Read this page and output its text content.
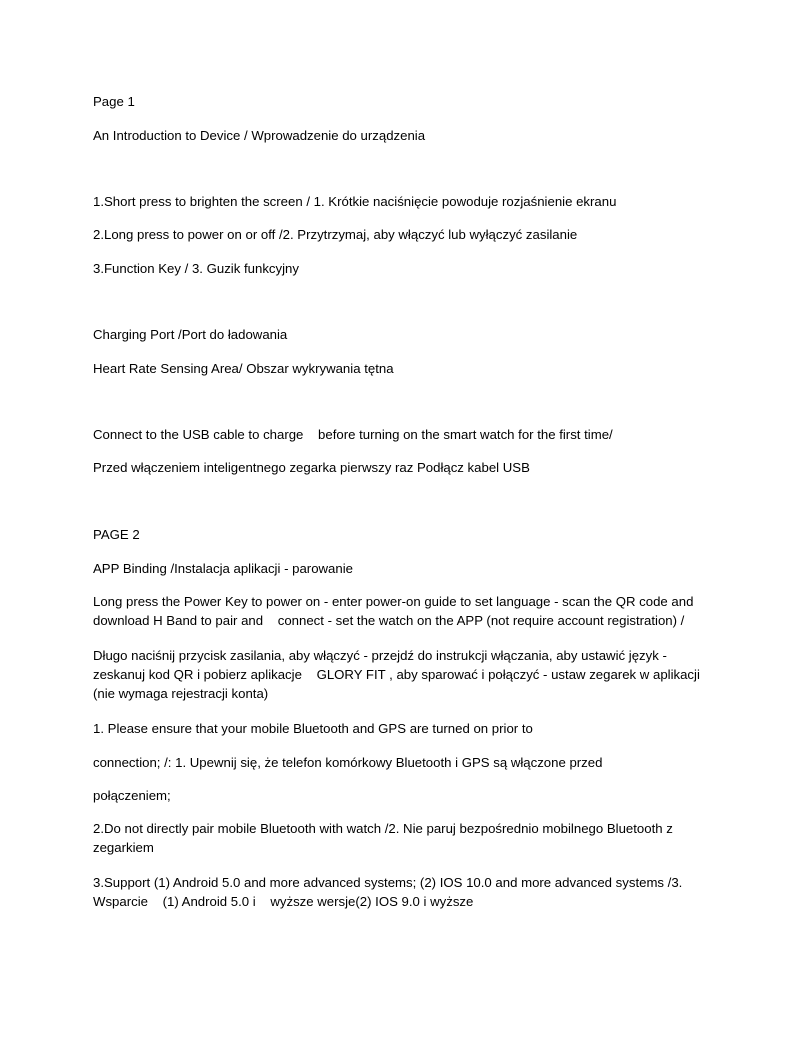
Page 1
An Introduction to Device / Wprowadzenie do urządzenia
1.Short press to brighten the screen / 1. Krótkie naciśnięcie powoduje rozjaśnienie ekranu
2.Long press to power on or off /2. Przytrzymaj, aby włączyć lub wyłączyć zasilanie
3.Function Key / 3. Guzik funkcyjny
Charging Port /Port do ładowania
Heart Rate Sensing Area/ Obszar wykrywania tętna
Connect to the USB cable to charge    before turning on the smart watch for the first time/
Przed włączeniem inteligentnego zegarka pierwszy raz Podłącz kabel USB
PAGE 2
APP Binding /Instalacja aplikacji - parowanie
Long press the Power Key to power on - enter power-on guide to set language - scan the QR code and download H Band to pair and    connect - set the watch on the APP (not require account registration) /
Długo naciśnij przycisk zasilania, aby włączyć - przejdź do instrukcji włączania, aby ustawić język - zeskanuj kod QR i pobierz aplikacje    GLORY FIT , aby sparować i połączyć - ustaw zegarek w aplikacji (nie wymaga rejestracji konta)
1. Please ensure that your mobile Bluetooth and GPS are turned on prior to
connection; /: 1. Upewnij się, że telefon komórkowy Bluetooth i GPS są włączone przed
połączeniem;
2.Do not directly pair mobile Bluetooth with watch /2. Nie paruj bezpośrednio mobilnego Bluetooth z zegarkiem
3.Support (1) Android 5.0 and more advanced systems; (2) IOS 10.0 and more advanced systems /3. Wsparcie    (1) Android 5.0 i    wyższe wersje(2) IOS 9.0 i wyższe
